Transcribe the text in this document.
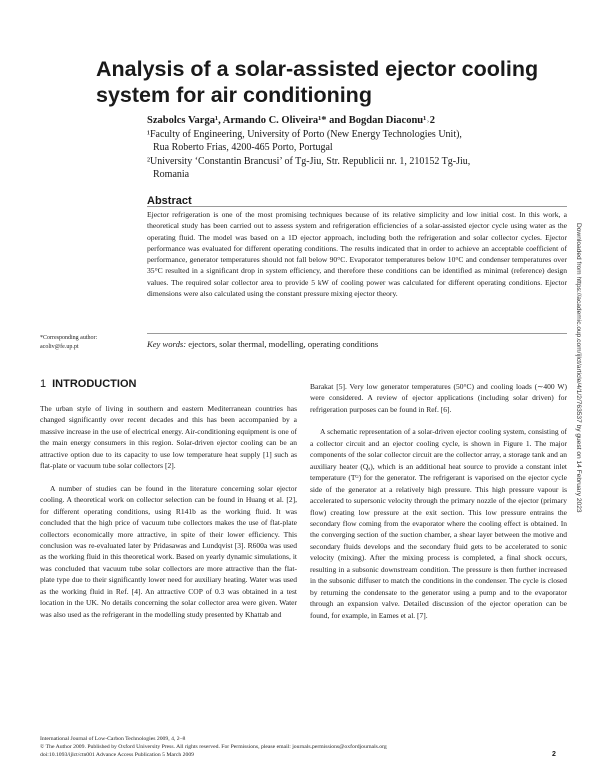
Analysis of a solar-assisted ejector cooling system for air conditioning
Szabolcs Varga¹, Armando C. Oliveira¹* and Bogdan Diaconu¹˒2
¹Faculty of Engineering, University of Porto (New Energy Technologies Unit),
Rua Roberto Frias, 4200-465 Porto, Portugal
²University ‘Constantin Brancusi’ of Tg-Jiu, Str. Republicii nr. 1, 210152 Tg-Jiu,
Romania
Abstract

Ejector refrigeration is one of the most promising techniques because of its relative simplicity and low initial cost. In this work, a theoretical study has been carried out to assess system and refrigeration efficiencies of a solar-assisted ejector cycle using water as the operating fluid. The model was based on a 1D ejector approach, including both the refrigeration and solar collector cycles. Ejector performance was evaluated for different operating conditions. The results indicated that in order to achieve an acceptable coefficient of performance, generator temperatures should not fall below 90°C. Evaporator temperatures below 10°C and condenser temperatures over 35°C resulted in a significant drop in system efficiency, and therefore these conditions can be identified as minimal (reference) design values. The required solar collector area to provide 5 kW of cooling power was calculated for different operating conditions. Ejector dimensions were also calculated using the constant pressure mixing ejector theory.

*Corresponding author:
acoliv@fe.up.pt	Key words: ejectors, solar thermal, modelling, operating conditions	Downloaded from https://academic.oup.com/ijlct/article/4/1/2/763537 by guest on 14 February 2023
1 INTRODUCTION

The urban style of living in southern and eastern Mediterranean countries has changed significantly over recent decades and this has been accompanied by a massive increase in the use of electrical energy. Air-conditioning equipment is one of the main energy consumers in this region. Solar-driven ejector cooling can be an attractive option due to its capacity to use low temperature heat supply [1] such as flat-plate or vacuum tube solar collectors [2].

A number of studies can be found in the literature concerning solar ejector cooling. A theoretical work on collector selection can be found in Huang et al. [2], for different operating conditions, using R141b as the working fluid. It was concluded that the high price of vacuum tube collectors makes the use of flat-plate collectors economically more attractive, in spite of their lower efficiency. This conclusion was re-evaluated later by Pridasawas and Lundqvist [3]. R600a was used as the working fluid in this theoretical work. Based on yearly dynamic simulations, it was concluded that vacuum tube solar collectors are more attractive than the flat-plate type due to their significantly lower need for auxiliary heating. Water was used as the working fluid in Ref. [4]. An attractive COP of 0.3 was obtained in a test location in the UK. No details concerning the solar collector area were given. Water was also used as the refrigerant in the modelling study presented by Khattab and

Barakat [5]. Very low generator temperatures (50°C) and cooling loads (∼400 W) were considered. A review of ejector applications (including solar driven) for refrigeration purposes can be found in Ref. [6].

A schematic representation of a solar-driven ejector cooling system, consisting of a collector circuit and an ejector cooling cycle, is shown in Figure 1. The major components of the solar collector circuit are the collector array, a storage tank and an auxiliary heater (Qₐ), which is an additional heat source to provide a constant inlet temperature (Tᴳ) for the generator. The refrigerant is vaporised on the ejector cycle side of the generator at a relatively high pressure. This high pressure vapour is accelerated to supersonic velocity through the primary nozzle of the ejector (primary flow) creating low pressure at the exit section. This low pressure entrains the secondary flow coming from the evaporator where the cooling effect is obtained. In the converging section of the suction chamber, a shear layer between the motive and secondary fluids develops and the secondary fluid gets to be accelerated to sonic velocity (mixing). After the mixing process is completed, a final shock occurs, resulting in a subsonic downstream condition. The pressure is then further increased in the subsonic diffuser to match the conditions in the condenser. The cycle is closed by returning the condensate to the generator using a pump and to the evaporator through an expansion valve. Detailed discussion of the ejector operation can be found, for example, in Eames et al. [7].

International Journal of Low-Carbon Technologies 2009, 4, 2–8
© The Author 2009. Published by Oxford University Press. All rights reserved. For Permissions, please email: journals.permissions@oxfordjournals.org
doi:10.1093/ijlct/ctn001 Advance Access Publication 5 March 2009	2
